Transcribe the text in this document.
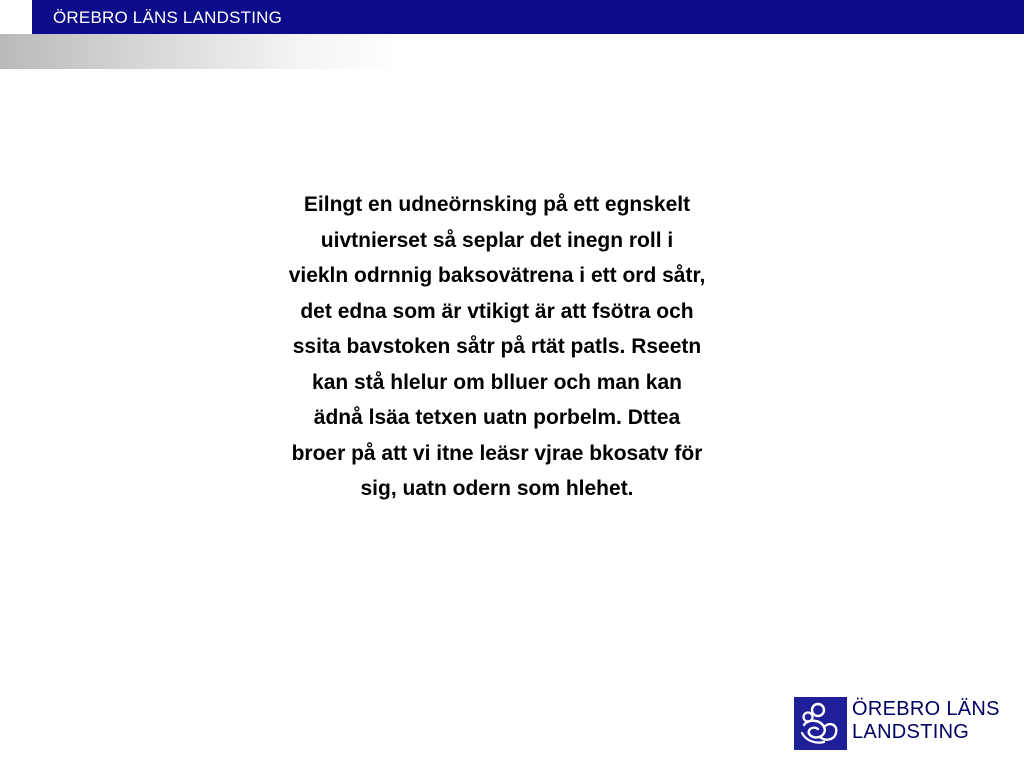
ÖREBRO LÄNS LANDSTING
Eilngt en udneörnsking på ett egnskelt
uivtnierset så seplar det inegn roll i
viekln odrnnig baksovätrena i ett ord såtr,
det edna som är vtikigt är att fsötra och
ssita bavstoken såtr på rtät patls. Rseetn
kan stå hlelur om blluer och man kan
ädnå lsäa tetxen uatn porbelm. Dttea
broer på att vi itne leäsr vjrae bkosatv för
sig, uatn odern som hlehet.
ÖREBRO LÄNS
LANDSTING
